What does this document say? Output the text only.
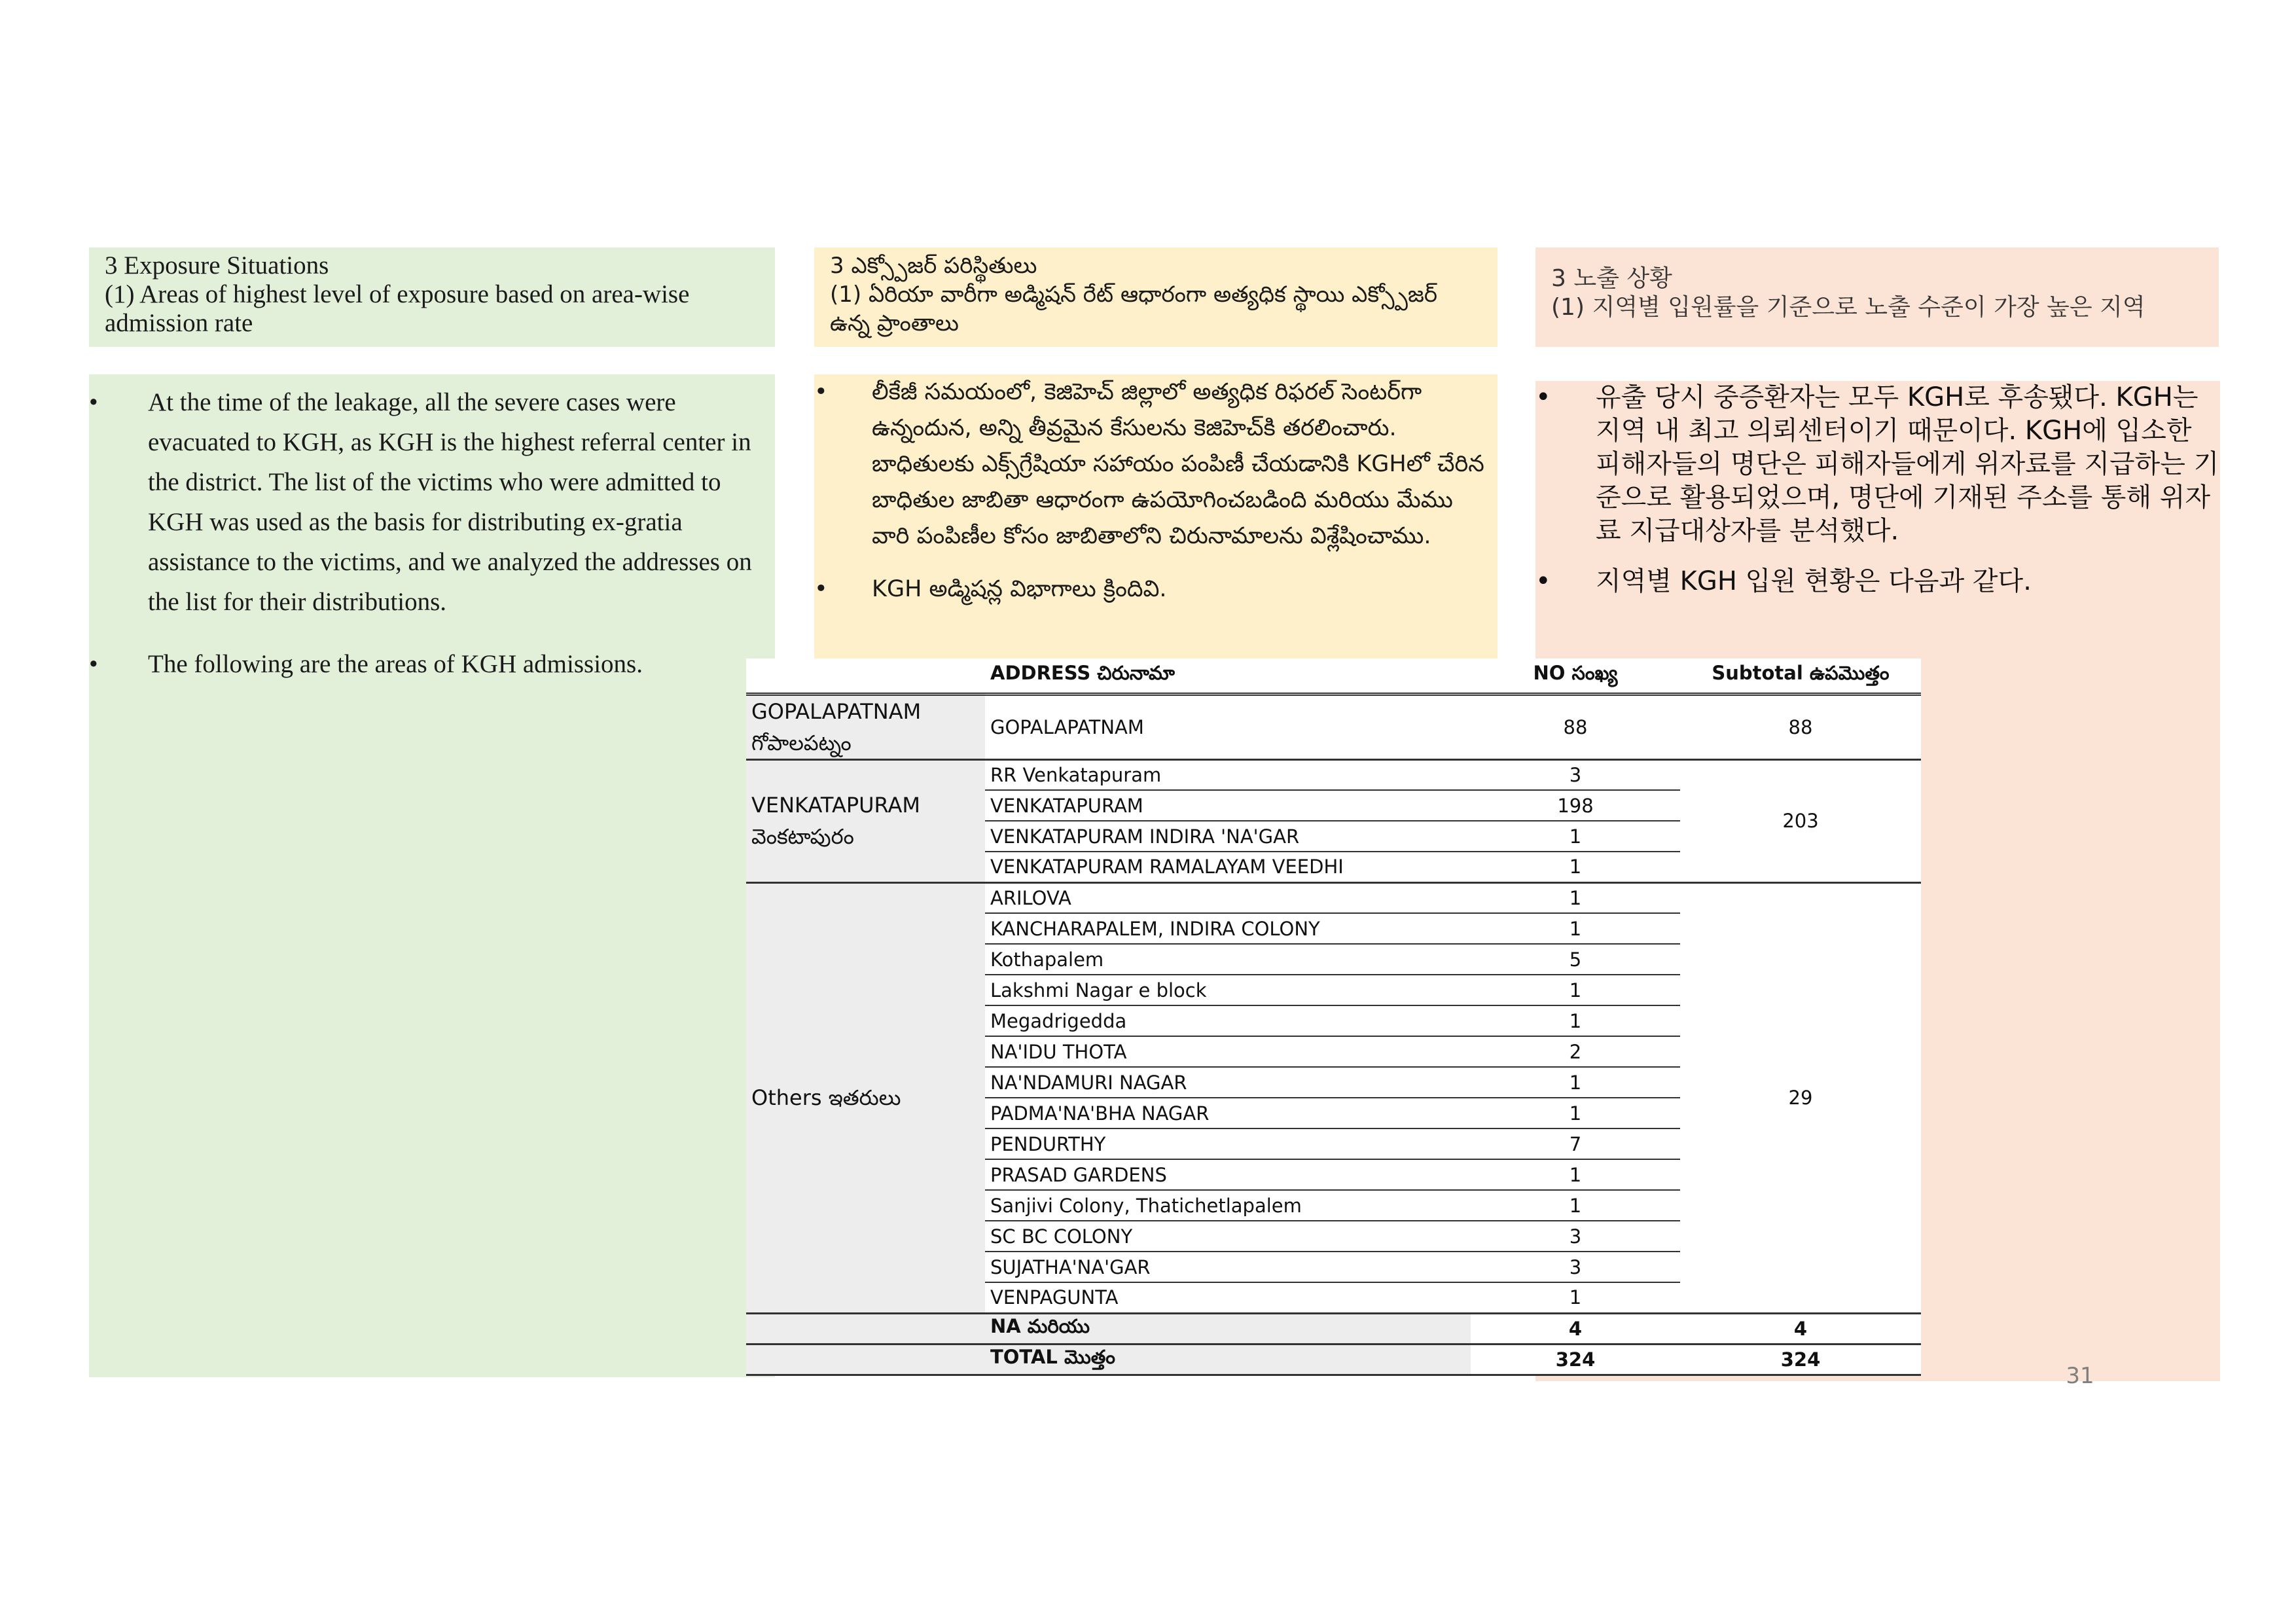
3 Exposure Situations
(1) Areas of highest level of exposure based on area-wise admission rate
3 ఎక్స్పోజర్ పరిస్థితులు
(1) ఏరియా వారీగా అడ్మిషన్ రేట్ ఆధారంగా అత్యధిక స్థాయి ఎక్స్పోజర్ ఉన్న ప్రాంతాలు
3 노출 상황
(1) 지역별 입원률을 기준으로 노출 수준이 가장 높은 지역
• At the time of the leakage, all the severe cases were evacuated to KGH, as KGH is the highest referral center in the district. The list of the victims who were admitted to KGH was used as the basis for distributing ex-gratia assistance to the victims, and we analyzed the addresses on the list for their distributions.
• The following are the areas of KGH admissions.
• లీకేజీ సమయంలో, కెజిహెచ్ జిల్లాలో అత్యధిక రిఫరల్ సెంటర్‌గా ఉన్నందున, అన్ని తీవ్రమైన కేసులను కెజిహెచ్‌కి తరలించారు. బాధితులకు ఎక్స్‌గ్రేషియా సహాయం పంపిణీ చేయడానికి KGHలో చేరిన బాధితుల జాబితా ఆధారంగా ఉపయోగించబడింది మరియు మేము వారి పంపిణీల కోసం జాబితాలోని చిరునామాలను విశ్లేషించాము.
• KGH అడ్మిషన్ల విభాగాలు క్రిందివి.
• 유출 당시 중증환자는 모두 KGH로 후송됐다. KGH는 지역 내 최고 의뢰센터이기 때문이다. KGH에 입소한 피해자들의 명단은 피해자들에게 위자료를 지급하는 기준으로 활용되었으며, 명단에 기재된 주소를 통해 위자료 지급대상자를 분석했다.
• 지역별 KGH 입원 현황은 다음과 같다.
	ADDRESS చిరునామా	NO సంఖ్య	Subtotal ఉపమొత్తం
GOPALAPATNAM గోపాలపట్నం	GOPALAPATNAM	88	88
VENKATAPURAM వెంకటాపురం	RR Venkatapuram	3	203
	VENKATAPURAM	198	
	VENKATAPURAM INDIRA 'NA'GAR	1	
	VENKATAPURAM RAMALAYAM VEEDHI	1	
Others ఇతరులు	ARILOVA	1	29
	KANCHARAPALEM, INDIRA COLONY	1	
	Kothapalem	5	
	Lakshmi Nagar e block	1	
	Megadrigedda	1	
	NA'IDU THOTA	2	
	NA'NDAMURI NAGAR	1	
	PADMA'NA'BHA NAGAR	1	
	PENDURTHY	7	
	PRASAD GARDENS	1	
	Sanjivi Colony, Thatichetlapalem	1	
	SC BC COLONY	3	
	SUJATHA'NA'GAR	3	
	VENPAGUNTA	1	
	NA మరియు	4	4
	TOTAL మొత్తం	324	324
31
